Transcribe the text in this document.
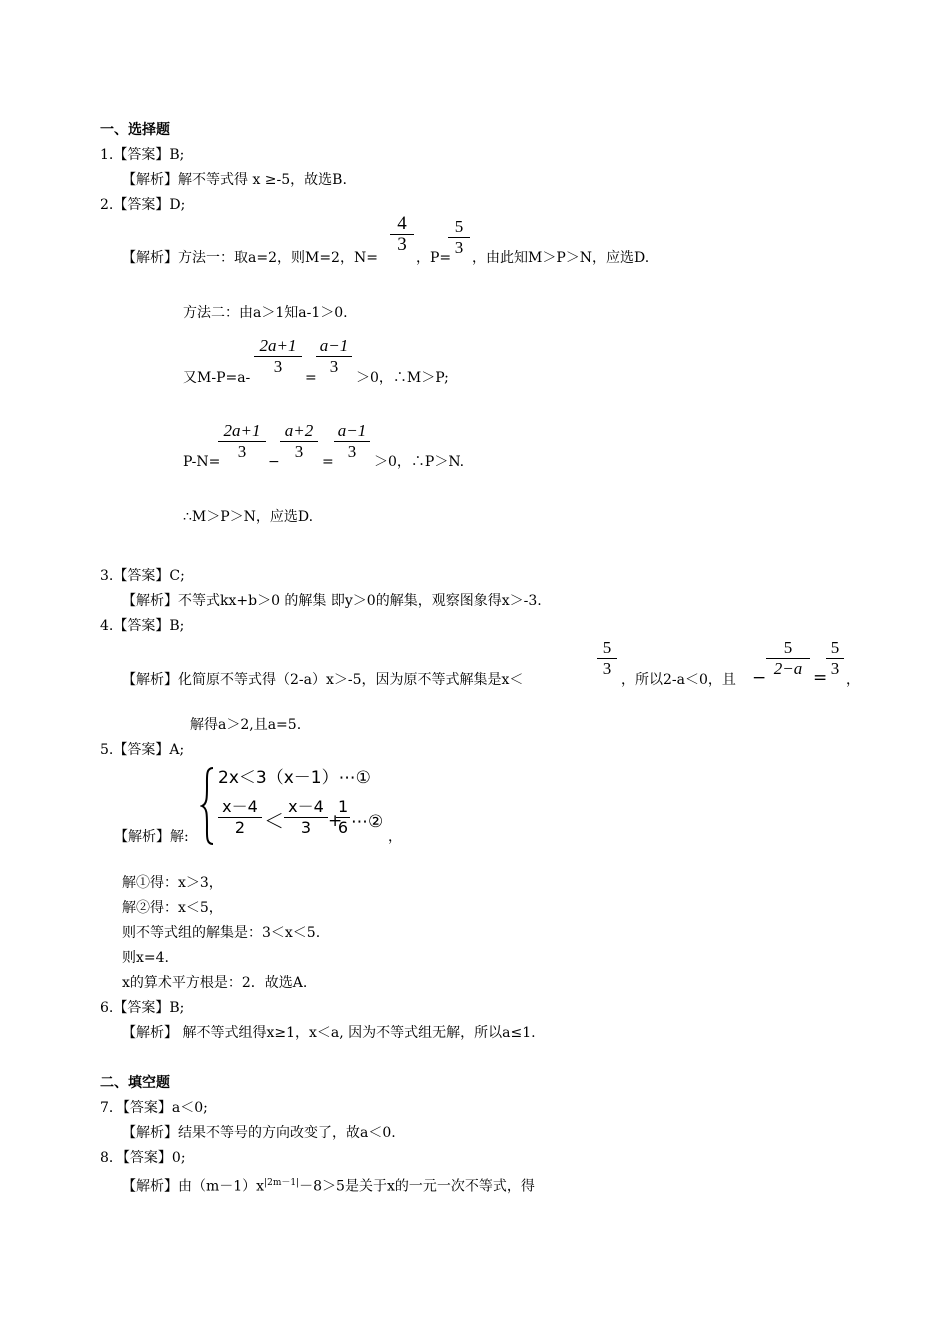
一、选择题
1.【答案】B;
【解析】解不等式得 x ≥-5，故选B.
2.【答案】D;
【解析】方法一：取a=2，则M=2，N=
4
3
，P=
5
3
，由此知M＞P＞N，应选D.
方法二：由a＞1知a-1＞0.
又M-P=a-
2a+1
3
=
a−1
3
＞0，∴M＞P;
P-N=
2a+1
3
−
a+2
3
=
a−1
3
＞0，∴P＞N.
∴M＞P＞N，应选D.
3.【答案】C;
【解析】不等式kx+b＞0 的解集 即y＞0的解集，观察图象得x＞-3.
4.【答案】B;
【解析】化简原不等式得（2-a）x＞-5，因为原不等式解集是x＜
5
3
，所以2-a＜0，且 −
5
2−a =
5
3
，
解得a＞2,且a=5.
5.【答案】A;
【解析】解:
2x＜3（x－1）⋯①
x－4
2 ＜
x－4
3 +
1
6 ⋯②
，
解①得：x＞3，
解②得：x＜5，
则不等式组的解集是：3＜x＜5.
则x=4.
x的算术平方根是：2．故选A.
6.【答案】B;
【解析】 解不等式组得x≥1，x＜a, 因为不等式组无解，所以a≤1.
二、填空题
7．【答案】a＜0;
【解析】结果不等号的方向改变了，故a＜0.
8．【答案】0;
【解析】由$(m-1)x^{|2m-1|}-8>5$是关于x的一元一次不等式，得
